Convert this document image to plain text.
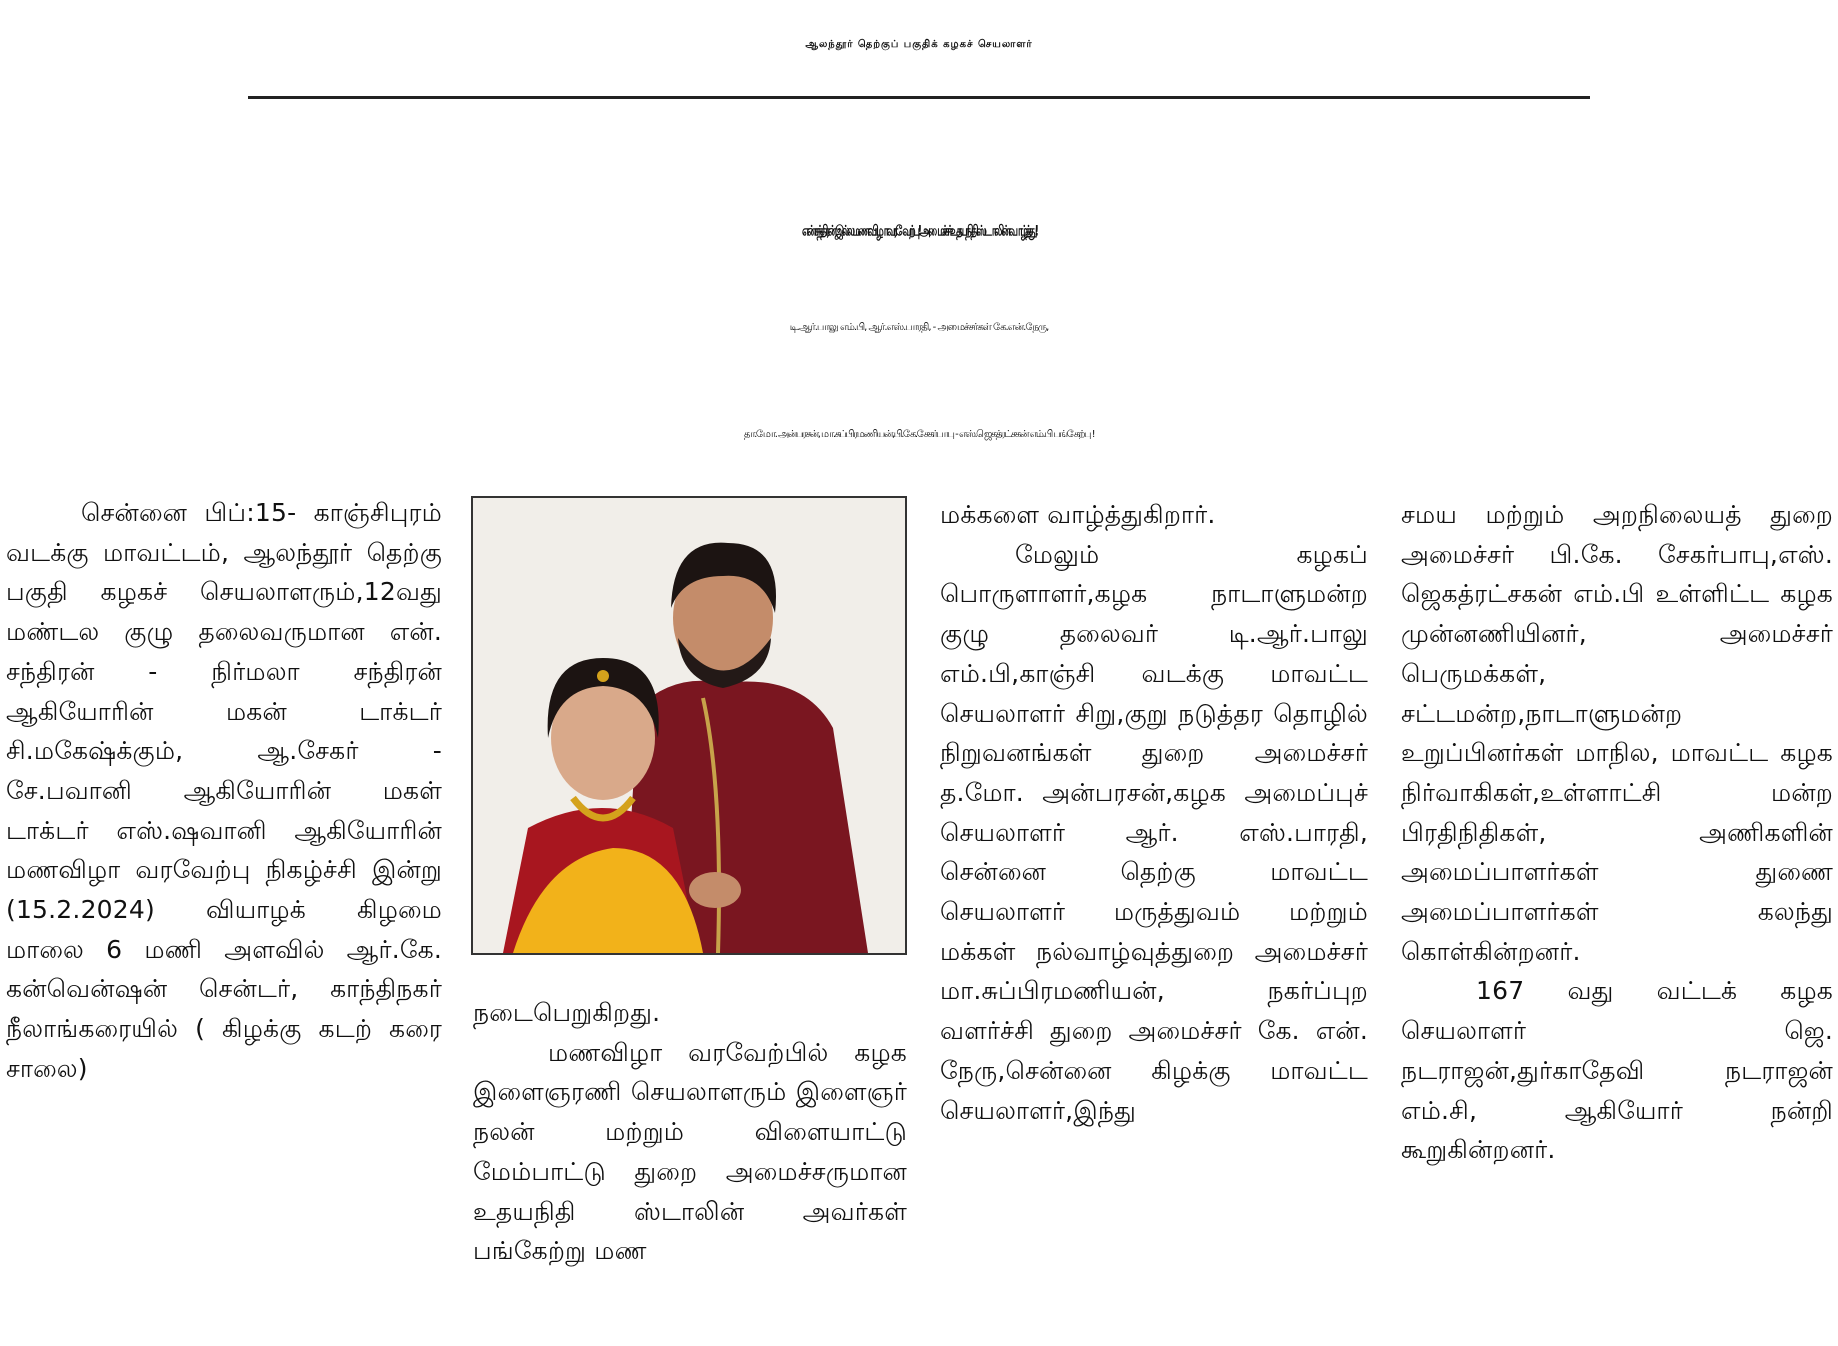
ஆலந்தூர் தெற்குப் பகுதிக் கழகச் செயலாளர்
என்.சந்திரன் இல்ல மணவிழா வரவேற்பு ! அமைச்சர் உதயநிதி ஸ்டாலின் வாழ்த்து!
டி.ஆர்.பாலு எம்.பி, ஆர்.எஸ்.பாரதி, - அமைச்சர்கள் கே.என்.நேரு,
தா.மோ. அன்பரசன், மா.சுப்பிரமணியன்,பி.கே.சேகர்பாபு - எஸ்.ஜெகத்ரட்சகன் எம்.பி பங்கேற்பு !

சென்னை பிப்:15- காஞ்சிபுரம் வடக்கு மாவட்டம், ஆலந்தூர் தெற்கு பகுதி கழகச் செயலாளரும்,12வது மண்டல குழு தலைவருமான என். சந்திரன் - நிர்மலா சந்திரன் ஆகியோரின் மகன் டாக்டர் சி.மகேஷ்க்கும், ஆ.சேகர் - சே.பவானி ஆகியோரின் மகள் டாக்டர் எஸ்.ஷவானி ஆகியோரின் மணவிழா வரவேற்பு நிகழ்ச்சி இன்று (15.2.2024) வியாழக் கிழமை மாலை 6 மணி அளவில் ஆர்.கே. கன்வென்ஷன் சென்டர், காந்திநகர் நீலாங்கரையில் ( கிழக்கு கடற் கரை சாலை)

நடைபெறுகிறது.

மணவிழா வரவேற்பில் கழக இளைஞரணி செயலாளரும் இளைஞர் நலன் மற்றும் விளையாட்டு மேம்பாட்டு துறை அமைச்சருமான உதயநிதி ஸ்டாலின் அவர்கள் பங்கேற்று மண

மக்களை வாழ்த்துகிறார்.

மேலும் கழகப் பொருளாளர்,கழக நாடாளுமன்ற குழு தலைவர் டி.ஆர்.பாலு எம்.பி,காஞ்சி வடக்கு மாவட்ட செயலாளர் சிறு,குறு நடுத்தர தொழில் நிறுவனங்கள் துறை அமைச்சர் த.மோ. அன்பரசன்,கழக அமைப்புச் செயலாளர் ஆர். எஸ்.பாரதி, சென்னை தெற்கு மாவட்ட செயலாளர் மருத்துவம் மற்றும் மக்கள் நல்வாழ்வுத்துறை அமைச்சர் மா.சுப்பிரமணியன், நகர்ப்புற வளர்ச்சி துறை அமைச்சர் கே. என். நேரு,சென்னை கிழக்கு மாவட்ட செயலாளர்,இந்து

சமய மற்றும் அறநிலையத் துறை அமைச்சர் பி.கே. சேகர்பாபு,எஸ். ஜெகத்ரட்சகன் எம்.பி உள்ளிட்ட கழக முன்னணியினர், அமைச்சர் பெருமக்கள், சட்டமன்ற,நாடாளுமன்ற உறுப்பினர்கள் மாநில, மாவட்ட கழக நிர்வாகிகள்,உள்ளாட்சி மன்ற பிரதிநிதிகள், அணிகளின் அமைப்பாளர்கள் துணை அமைப்பாளர்கள் கலந்து கொள்கின்றனர்.

167 வது வட்டக் கழக செயலாளர் ஜெ. நடராஜன்,துர்காதேவி நடராஜன் எம்.சி, ஆகியோர் நன்றி கூறுகின்றனர்.
